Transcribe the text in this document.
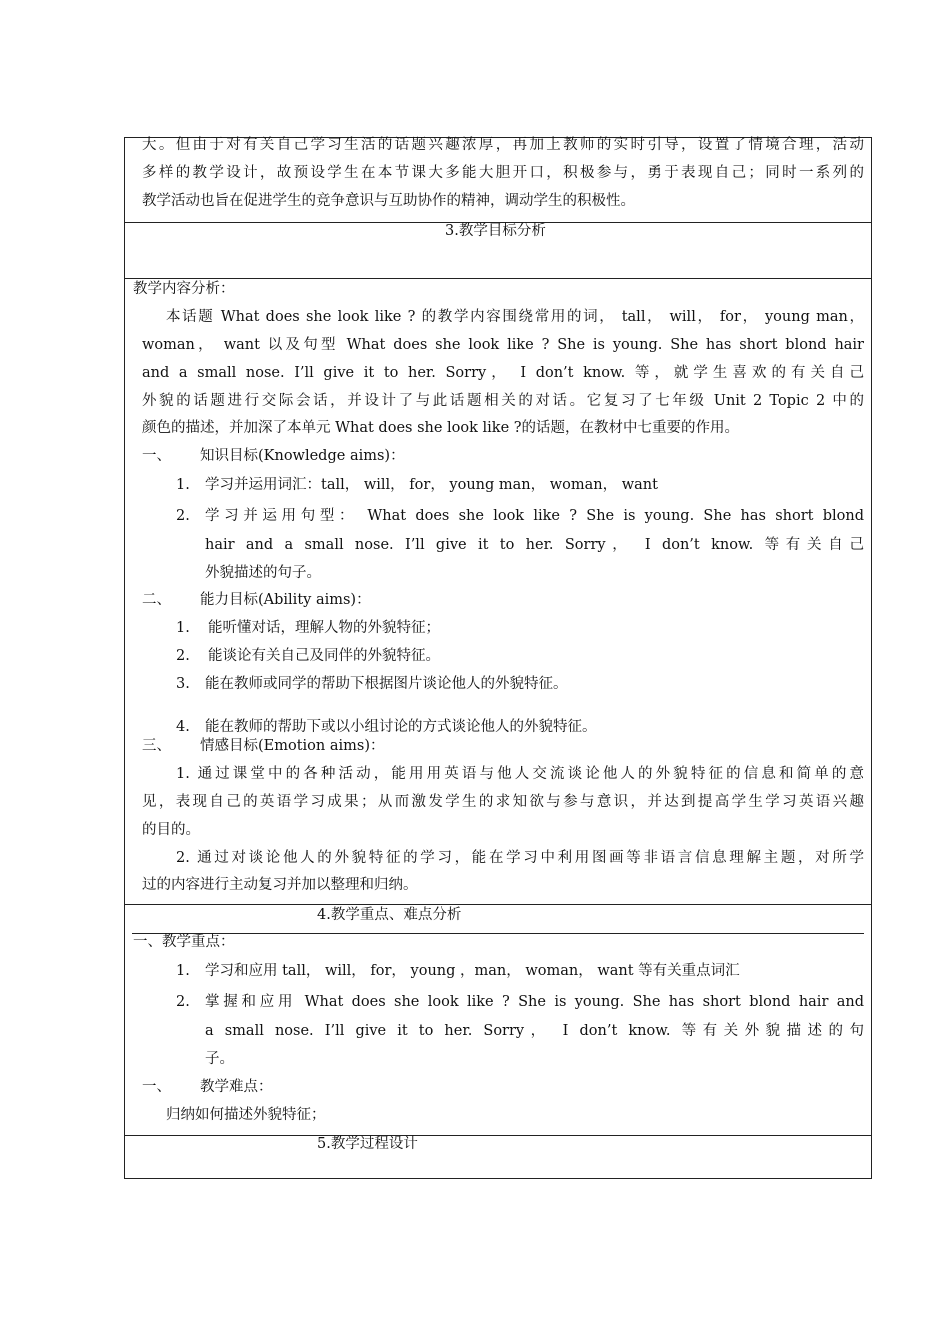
大。但由于对有关自己学习生活的话题兴趣浓厚，再加上教师的实时引导，设置了情境合理，活动
多样的教学设计，故预设学生在本节课大多能大胆开口，积极参与，勇于表现自己；同时一系列的
教学活动也旨在促进学生的竞争意识与互助协作的精神，调动学生的积极性。
3.教学目标分析
教学内容分析：
本话题 What does she look like ? 的教学内容围绕常用的词， tall， will， for， young man，
woman， want 以及句型 What does she look like ? She is young. She has short blond hair
and a small nose. I’ll give it to her. Sorry， I don’t know. 等，就学生喜欢的有关自己
外貌的话题进行交际会话，并设计了与此话题相关的对话。它复习了七年级 Unit 2 Topic 2 中的
颜色的描述，并加深了本单元 What does she look like ?的话题，在教材中七重要的作用。
一、 知识目标(Knowledge aims)：
1. 学习并运用词汇：tall， will， for， young man， woman， want
2. 学习并运用句型： What does she look like ? She is young. She has short blond
hair and a small nose. I’ll give it to her. Sorry， I don’t know. 等有关自己
外貌描述的句子。
二、 能力目标(Ability aims)：
1. 能听懂对话，理解人物的外貌特征；
2. 能谈论有关自己及同伴的外貌特征。
3. 能在教师或同学的帮助下根据图片谈论他人的外貌特征。
4. 能在教师的帮助下或以小组讨论的方式谈论他人的外貌特征。
三、 情感目标(Emotion aims)：
1. 通过课堂中的各种活动，能用用英语与他人交流谈论他人的外貌特征的信息和简单的意
见，表现自己的英语学习成果；从而激发学生的求知欲与参与意识，并达到提高学生学习英语兴趣
的目的。
2. 通过对谈论他人的外貌特征的学习，能在学习中利用图画等非语言信息理解主题，对所学
过的内容进行主动复习并加以整理和归纳。
4.教学重点、难点分析
一、教学重点：
1. 学习和应用 tall， will， for， young ，man， woman， want 等有关重点词汇
2. 掌握和应用 What does she look like ? She is young. She has short blond hair and
a small nose. I’ll give it to her. Sorry， I don’t know. 等有关外貌描述的句
子。
一、 教学难点：
归纳如何描述外貌特征；
5.教学过程设计
